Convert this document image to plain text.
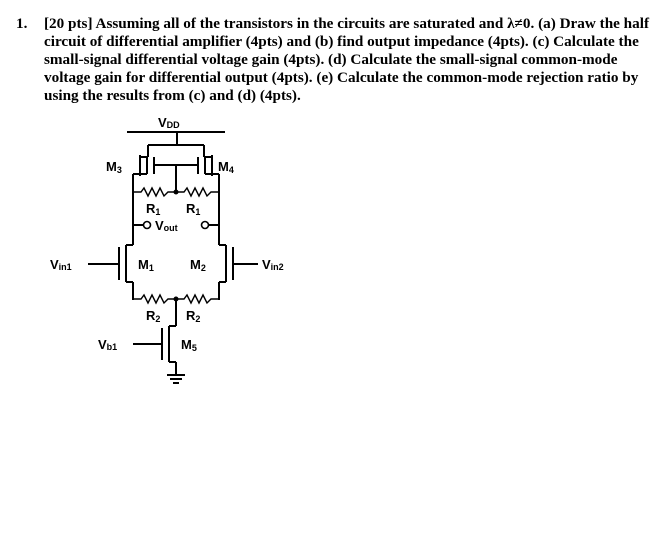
1. [20 pts] Assuming all of the transistors in the circuits are saturated and λ≠0. (a) Draw the half
circuit of differential amplifier (4pts) and (b) find output impedance (4pts). (c) Calculate the
small-signal differential voltage gain (4pts). (d) Calculate the small-signal common-mode
voltage gain for differential output (4pts). (e) Calculate the common-mode rejection ratio by
using the results from (c) and (d) (4pts).
VDD
M3	M4
R1 R1
Vout
Vin1	M1	M2	Vin2
R2 R2
Vb1	M5
